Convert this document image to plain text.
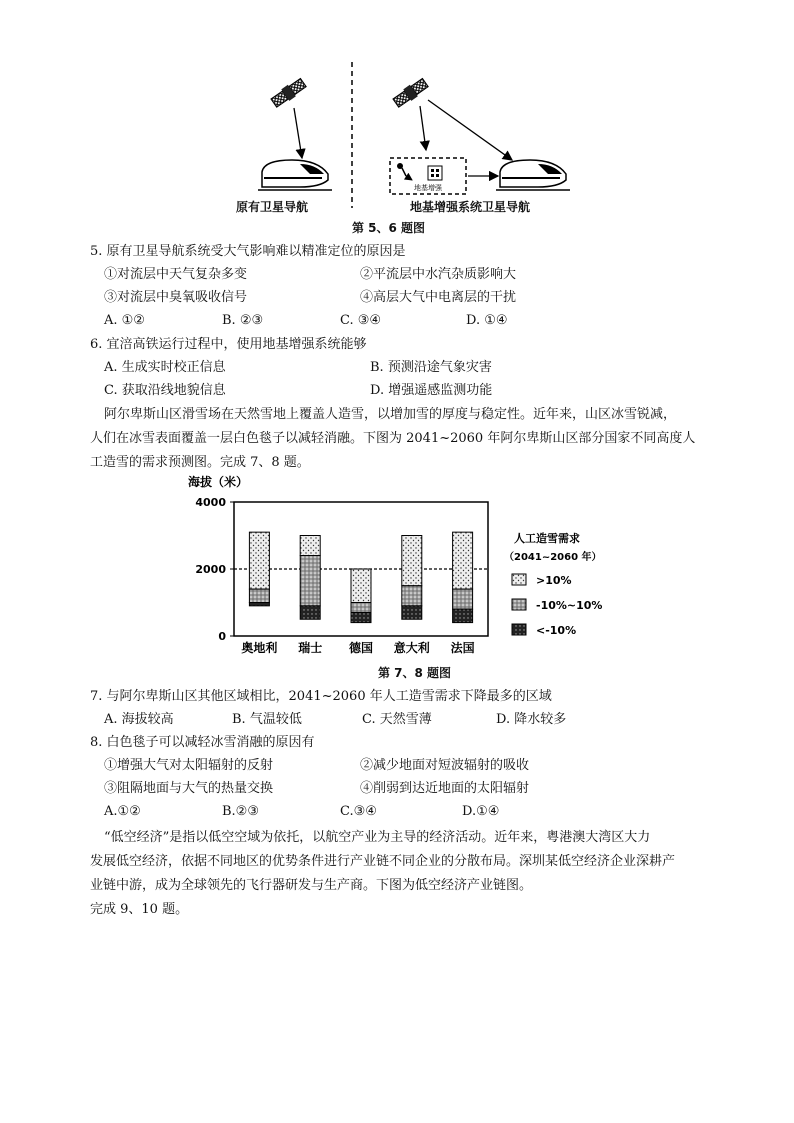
地基增强
原有卫星导航	地基增强系统卫星导航
第 5、6 题图
5. 原有卫星导航系统受大气影响难以精准定位的原因是
①对流层中天气复杂多变	②平流层中水汽杂质影响大
③对流层中臭氧吸收信号	④高层大气中电离层的干扰
A. ①②	B. ②③	C. ③④	D. ①④
6. 宜涪高铁运行过程中，使用地基增强系统能够
A. 生成实时校正信息	B. 预测沿途气象灾害
C. 获取沿线地貌信息	D. 增强遥感监测功能
阿尔卑斯山区滑雪场在天然雪地上覆盖人造雪，以增加雪的厚度与稳定性。近年来，山区冰雪锐减，
人们在冰雪表面覆盖一层白色毯子以减轻消融。下图为 2041~2060 年阿尔卑斯山区部分国家不同高度人
工造雪的需求预测图。完成 7、8 题。
海拔（米）
4000
2000
0
奥地利 瑞士 德国 意大利 法国
人工造雪需求
（2041~2060 年）
>10%
-10%~10%
<-10%
第 7、8 题图
7. 与阿尔卑斯山区其他区域相比，2041~2060 年人工造雪需求下降最多的区域
A. 海拔较高	B. 气温较低	C. 天然雪薄	D. 降水较多
8. 白色毯子可以减轻冰雪消融的原因有
①增强大气对太阳辐射的反射	②减少地面对短波辐射的吸收
③阻隔地面与大气的热量交换	④削弱到达近地面的太阳辐射
A.①②	B.②③	C.③④	D.①④
“低空经济”是指以低空空域为依托，以航空产业为主导的经济活动。近年来，粤港澳大湾区大力
发展低空经济，依据不同地区的优势条件进行产业链不同企业的分散布局。深圳某低空经济企业深耕产
业链中游，成为全球领先的飞行器研发与生产商。下图为低空经济产业链图。
完成 9、10 题。
